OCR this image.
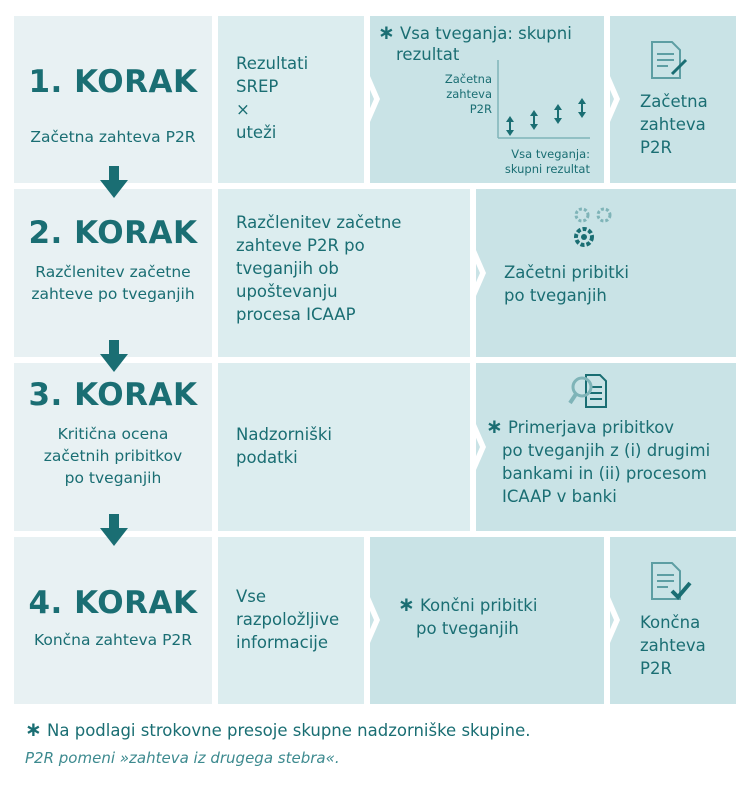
1. KORAK
Začetna zahteva P2R
Rezultati
SREP
×
uteži
∗ Vsa tveganja: skupni
rezultat
Začetna
zahteva
P2R
Vsa tveganja:
skupni rezultat
Začetna
zahteva
P2R
2. KORAK
Razčlenitev začetne
zahteve po tveganjih
Razčlenitev začetne
zahteve P2R po
tveganjih ob
upoštevanju
procesa ICAAP
Začetni pribitki
po tveganjih
3. KORAK
Kritična ocena
začetnih pribitkov
po tveganjih
Nadzorniški
podatki
∗ Primerjava pribitkov
po tveganjih z (i) drugimi
bankami in (ii) procesom
ICAAP v banki
4. KORAK
Končna zahteva P2R
Vse
razpoložljive
informacije
∗ Končni pribitki
po tveganjih	Končna
zahteva
P2R
∗ Na podlagi strokovne presoje skupne nadzorniške skupine.
P2R pomeni »zahteva iz drugega stebra«.
